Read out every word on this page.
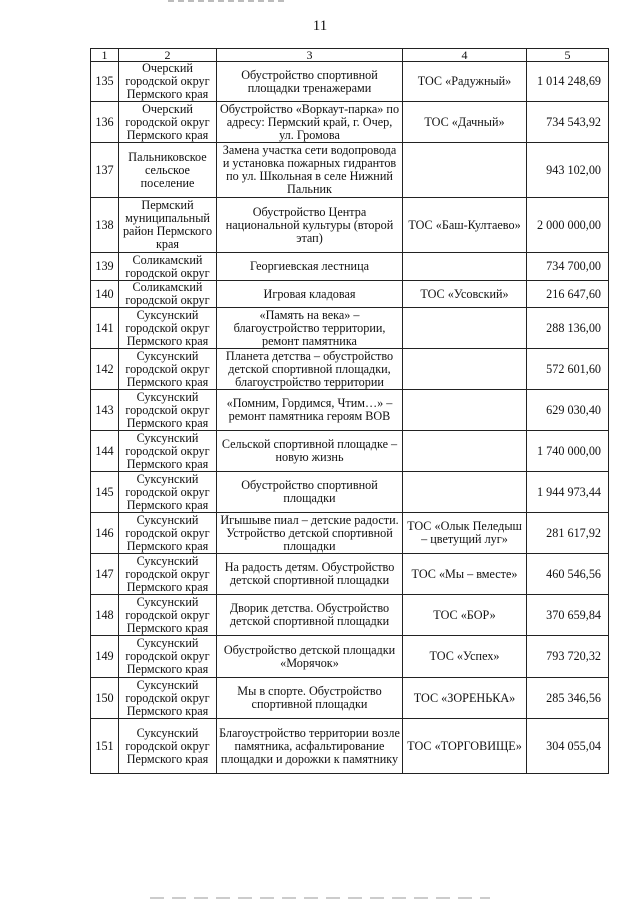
11
1	2	3	4	5
135	Очерский городской округ Пермского края	Обустройство спортивной площадки тренажерами	ТОС «Радужный»	1 014 248,69
136	Очерский городской округ Пермского края	Обустройство «Воркаут-парка» по адресу: Пермский край, г. Очер, ул. Громова	ТОС «Дачный»	734 543,92
137	Пальниковское сельское поселение	Замена участка сети водопровода и установка пожарных гидрантов по ул. Школьная в селе Нижний Пальник		943 102,00
138	Пермский муниципальный район Пермского края	Обустройство Центра национальной культуры (второй этап)	ТОС «Баш-Култаево»	2 000 000,00
139	Соликамский городской округ	Георгиевская лестница		734 700,00
140	Соликамский городской округ	Игровая кладовая	ТОС «Усовский»	216 647,60
141	Суксунский городской округ Пермского края	«Память на века» – благоустройство территории, ремонт памятника		288 136,00
142	Суксунский городской округ Пермского края	Планета детства – обустройство детской спортивной площадки, благоустройство территории		572 601,60
143	Суксунский городской округ Пермского края	«Помним, Гордимся, Чтим…» – ремонт памятника героям ВОВ		629 030,40
144	Суксунский городской округ Пермского края	Сельской спортивной площадке – новую жизнь		1 740 000,00
145	Суксунский городской округ Пермского края	Обустройство спортивной площадки		1 944 973,44
146	Суксунский городской округ Пермского края	Игышыве пиал – детские радости. Устройство детской спортивной площадки	ТОС «Олык Пеледыш – цветущий луг»	281 617,92
147	Суксунский городской округ Пермского края	На радость детям. Обустройство детской спортивной площадки	ТОС «Мы – вместе»	460 546,56
148	Суксунский городской округ Пермского края	Дворик детства. Обустройство детской спортивной площадки	ТОС «БОР»	370 659,84
149	Суксунский городской округ Пермского края	Обустройство детской площадки «Морячок»	ТОС «Успех»	793 720,32
150	Суксунский городской округ Пермского края	Мы в спорте. Обустройство спортивной площадки	ТОС «ЗОРЕНЬКА»	285 346,56
151	Суксунский городской округ Пермского края	Благоустройство территории возле памятника, асфальтирование площадки и дорожки к памятнику	ТОС «ТОРГОВИЩЕ»	304 055,04
